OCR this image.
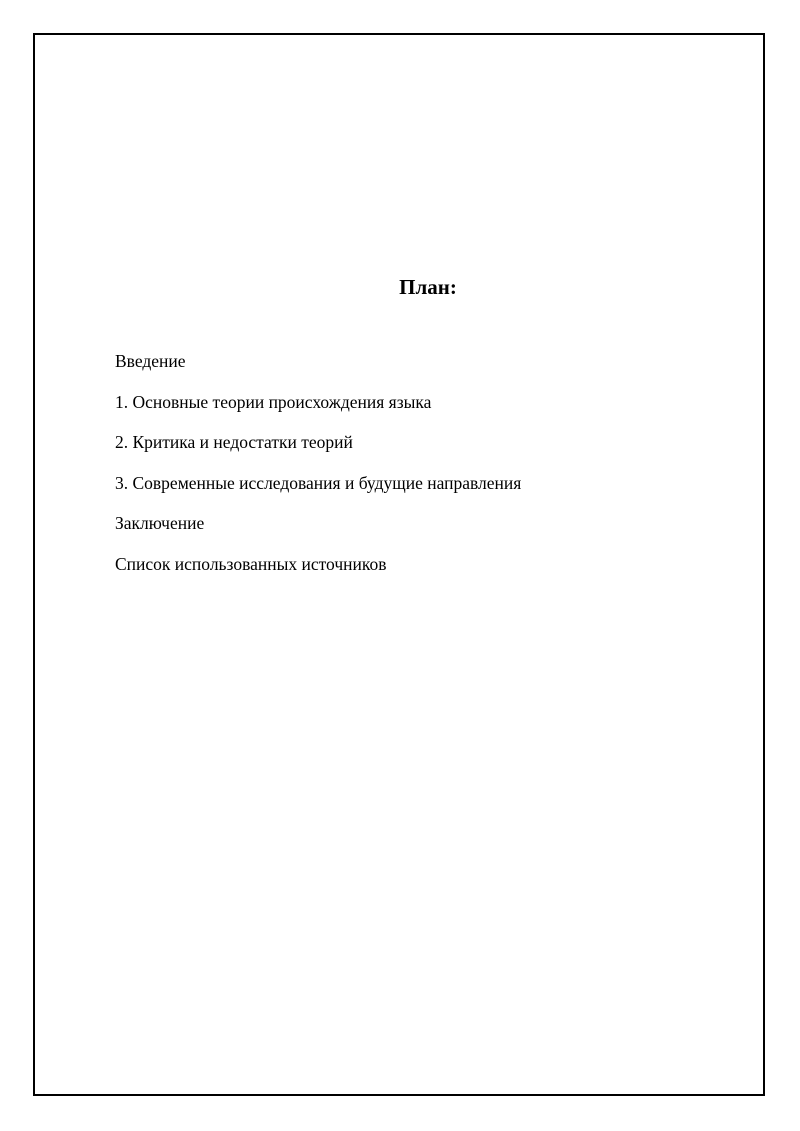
План:
Введение
1. Основные теории происхождения языка
2. Критика и недостатки теорий
3. Современные исследования и будущие направления
Заключение
Список использованных источников
